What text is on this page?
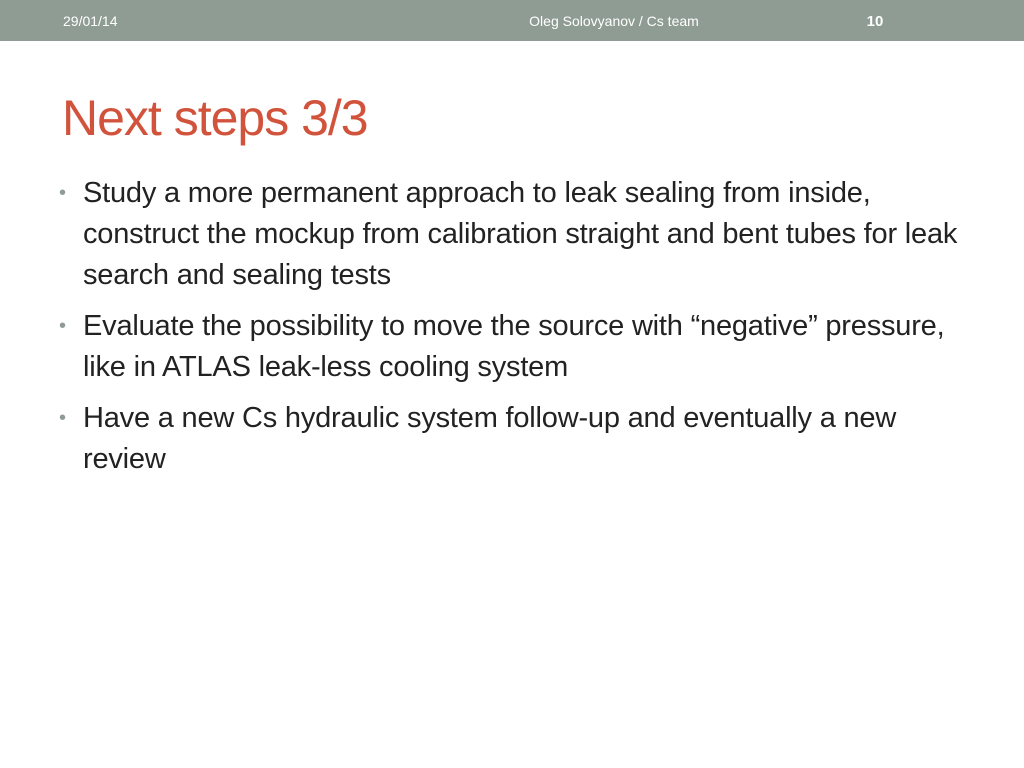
29/01/14	Oleg Solovyanov / Cs team	10
Next steps 3/3
• Study a more permanent approach to leak sealing from inside, construct the mockup from calibration straight and bent tubes for leak search and sealing tests
• Evaluate the possibility to move the source with “negative” pressure, like in ATLAS leak-less cooling system
• Have a new Cs hydraulic system follow-up and eventually a new review
